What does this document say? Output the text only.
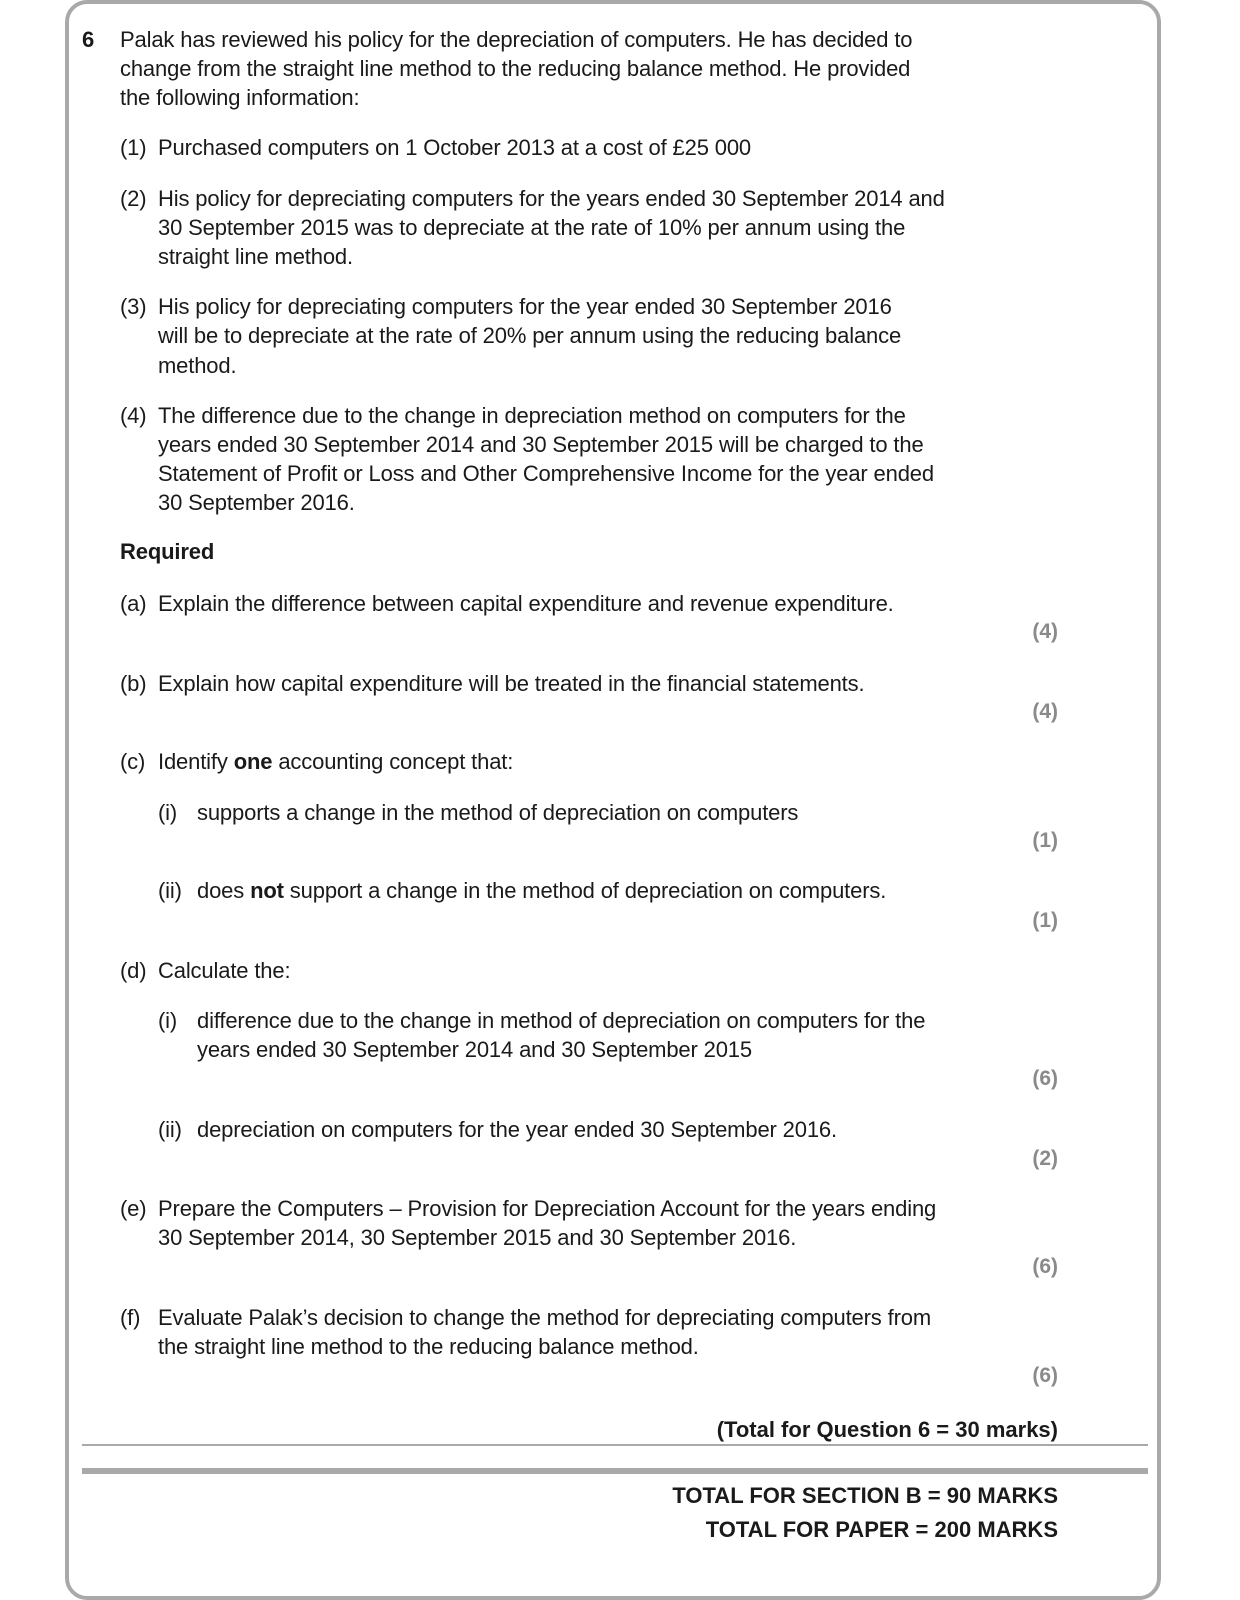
6 Palak has reviewed his policy for the depreciation of computers. He has decided to
change from the straight line method to the reducing balance method. He provided
the following information:
(1) Purchased computers on 1 October 2013 at a cost of £25 000
(2) His policy for depreciating computers for the years ended 30 September 2014 and
30 September 2015 was to depreciate at the rate of 10% per annum using the
straight line method.
(3) His policy for depreciating computers for the year ended 30 September 2016
will be to depreciate at the rate of 20% per annum using the reducing balance
method.
(4) The difference due to the change in depreciation method on computers for the
years ended 30 September 2014 and 30 September 2015 will be charged to the
Statement of Profit or Loss and Other Comprehensive Income for the year ended
30 September 2016.
Required
(a) Explain the difference between capital expenditure and revenue expenditure.
(4)
(b) Explain how capital expenditure will be treated in the financial statements.
(4)
(c) Identify one accounting concept that:
(i) supports a change in the method of depreciation on computers
(1)
(ii) does not support a change in the method of depreciation on computers.
(1)
(d) Calculate the:
(i) difference due to the change in method of depreciation on computers for the
years ended 30 September 2014 and 30 September 2015
(6)
(ii) depreciation on computers for the year ended 30 September 2016.
(2)
(e) Prepare the Computers – Provision for Depreciation Account for the years ending
30 September 2014, 30 September 2015 and 30 September 2016.
(6)
(f) Evaluate Palak’s decision to change the method for depreciating computers from
the straight line method to the reducing balance method.
(6)
(Total for Question 6 = 30 marks)
TOTAL FOR SECTION B = 90 MARKS
TOTAL FOR PAPER = 200 MARKS
